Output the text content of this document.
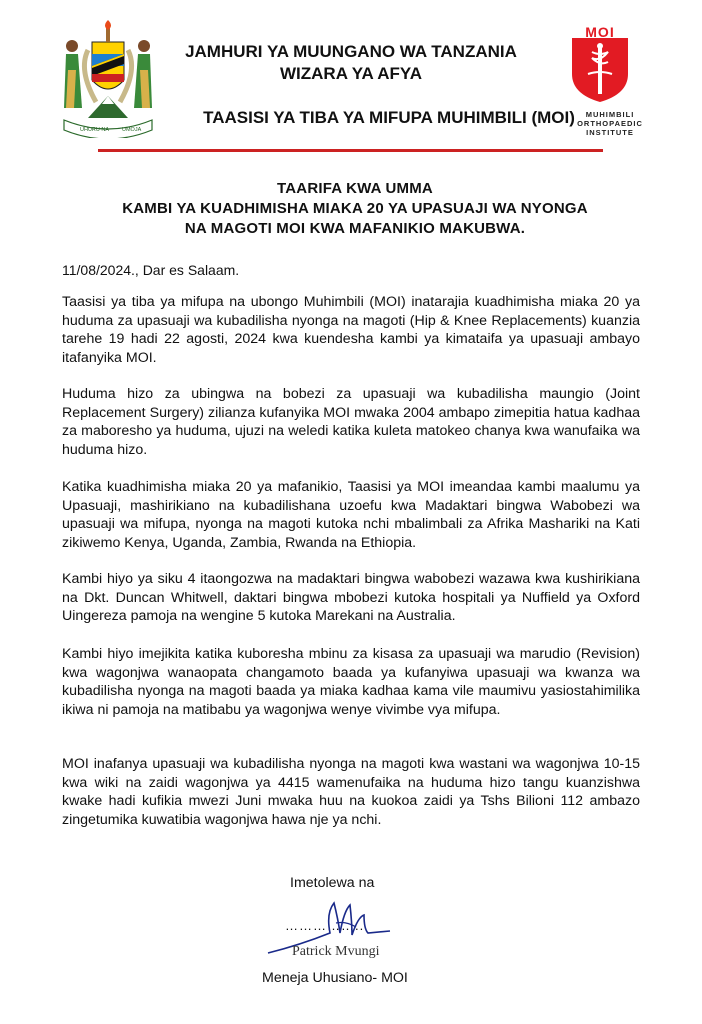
UHURU NA UMOJA
JAMHURI YA MUUNGANO WA TANZANIA
WIZARA YA AFYA
TAASISI YA TIBA YA MIFUPA MUHIMBILI (MOI)
MOI
MUHIMBILI
ORTHOPAEDIC
INSTITUTE
TAARIFA KWA UMMA
KAMBI YA KUADHIMISHA MIAKA 20 YA UPASUAJI WA NYONGA
NA MAGOTI MOI KWA MAFANIKIO MAKUBWA.
11/08/2024., Dar es Salaam.

Taasisi ya tiba ya mifupa na ubongo Muhimbili (MOI) inatarajia kuadhimisha miaka 20 ya huduma za upasuaji wa kubadilisha nyonga na magoti (Hip & Knee Replacements) kuanzia tarehe 19 hadi 22 agosti, 2024 kwa kuendesha kambi ya kimataifa ya upasuaji ambayo itafanyika MOI.

Huduma hizo za ubingwa na bobezi za upasuaji wa kubadilisha maungio (Joint Replacement Surgery) zilianza kufanyika MOI mwaka 2004 ambapo zimepitia hatua kadhaa za maboresho ya huduma, ujuzi na weledi katika kuleta matokeo chanya kwa wanufaika wa huduma hizo.

Katika kuadhimisha miaka 20 ya mafanikio, Taasisi ya MOI imeandaa kambi maalumu ya Upasuaji, mashirikiano na kubadilishana uzoefu kwa Madaktari bingwa Wabobezi wa upasuaji wa mifupa, nyonga na magoti kutoka nchi mbalimbali za Afrika Mashariki na Kati zikiwemo Kenya, Uganda, Zambia, Rwanda na Ethiopia.

Kambi hiyo ya siku 4 itaongozwa na madaktari bingwa wabobezi wazawa kwa kushirikiana na Dkt. Duncan Whitwell, daktari bingwa mbobezi kutoka hospitali ya Nuffield ya Oxford Uingereza pamoja na wengine 5 kutoka Marekani na Australia.

Kambi hiyo imejikita katika kuboresha mbinu za kisasa za upasuaji wa marudio (Revision) kwa wagonjwa wanaopata changamoto baada ya kufanyiwa upasuaji wa kwanza wa kubadilisha nyonga na magoti baada ya miaka kadhaa kama vile maumivu yasiostahimilika ikiwa ni pamoja na matibabu ya wagonjwa wenye vivimbe vya mifupa.

MOI inafanya upasuaji wa kubadilisha nyonga na magoti kwa wastani wa wagonjwa 10-15 kwa wiki na zaidi wagonjwa ya 4415 wamenufaika na huduma hizo tangu kuanzishwa kwake hadi kufikia mwezi Juni mwaka huu na kuokoa zaidi ya Tshs Bilioni 112 ambazo zingetumika kuwatibia wagonjwa hawa nje ya nchi.

Imetolewa na
……………..
Patrick Mvungi
Meneja Uhusiano- MOI
